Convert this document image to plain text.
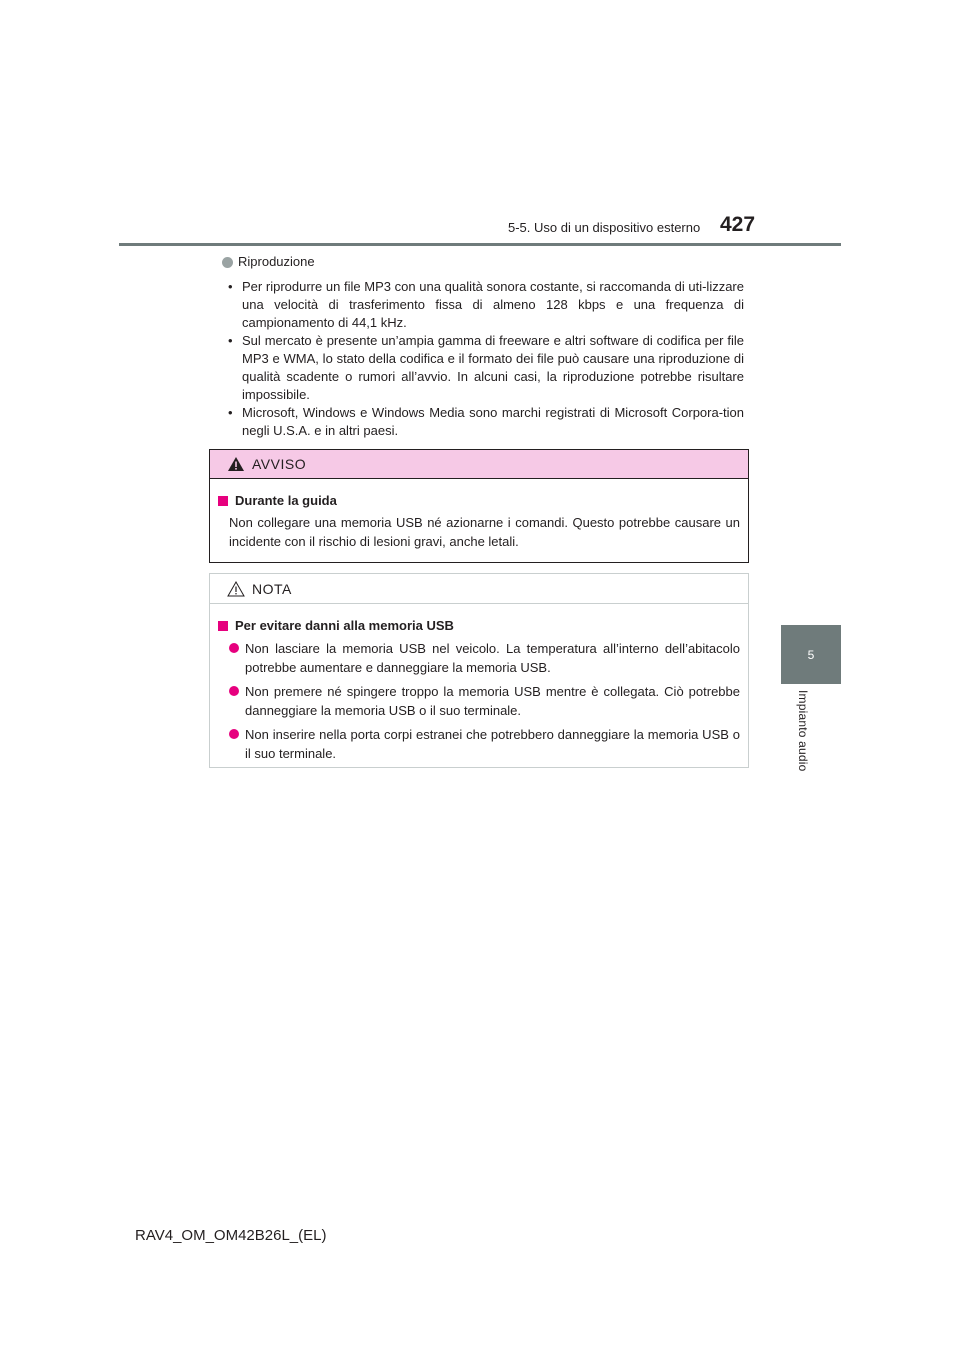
5-5. Uso di un dispositivo esterno 427
5
Impianto audio
Riproduzione
• Per riprodurre un file MP3 con una qualità sonora costante, si raccomanda di uti-lizzare una velocità di trasferimento fissa di almeno 128 kbps e una frequenza di campionamento di 44,1 kHz.
• Sul mercato è presente un’ampia gamma di freeware e altri software di codifica per file MP3 e WMA, lo stato della codifica e il formato dei file può causare una riproduzione di qualità scadente o rumori all’avvio. In alcuni casi, la riproduzione potrebbe risultare impossibile.
• Microsoft, Windows e Windows Media sono marchi registrati di Microsoft Corpora-tion negli U.S.A. e in altri paesi.
AVVISO
Durante la guida
Non collegare una memoria USB né azionarne i comandi. Questo potrebbe causare un incidente con il rischio di lesioni gravi, anche letali.
NOTA
Per evitare danni alla memoria USB
Non lasciare la memoria USB nel veicolo. La temperatura all’interno dell’abitacolo potrebbe aumentare e danneggiare la memoria USB.
Non premere né spingere troppo la memoria USB mentre è collegata. Ciò potrebbe danneggiare la memoria USB o il suo terminale.
Non inserire nella porta corpi estranei che potrebbero danneggiare la memoria USB o il suo terminale.
RAV4_OM_OM42B26L_(EL)
